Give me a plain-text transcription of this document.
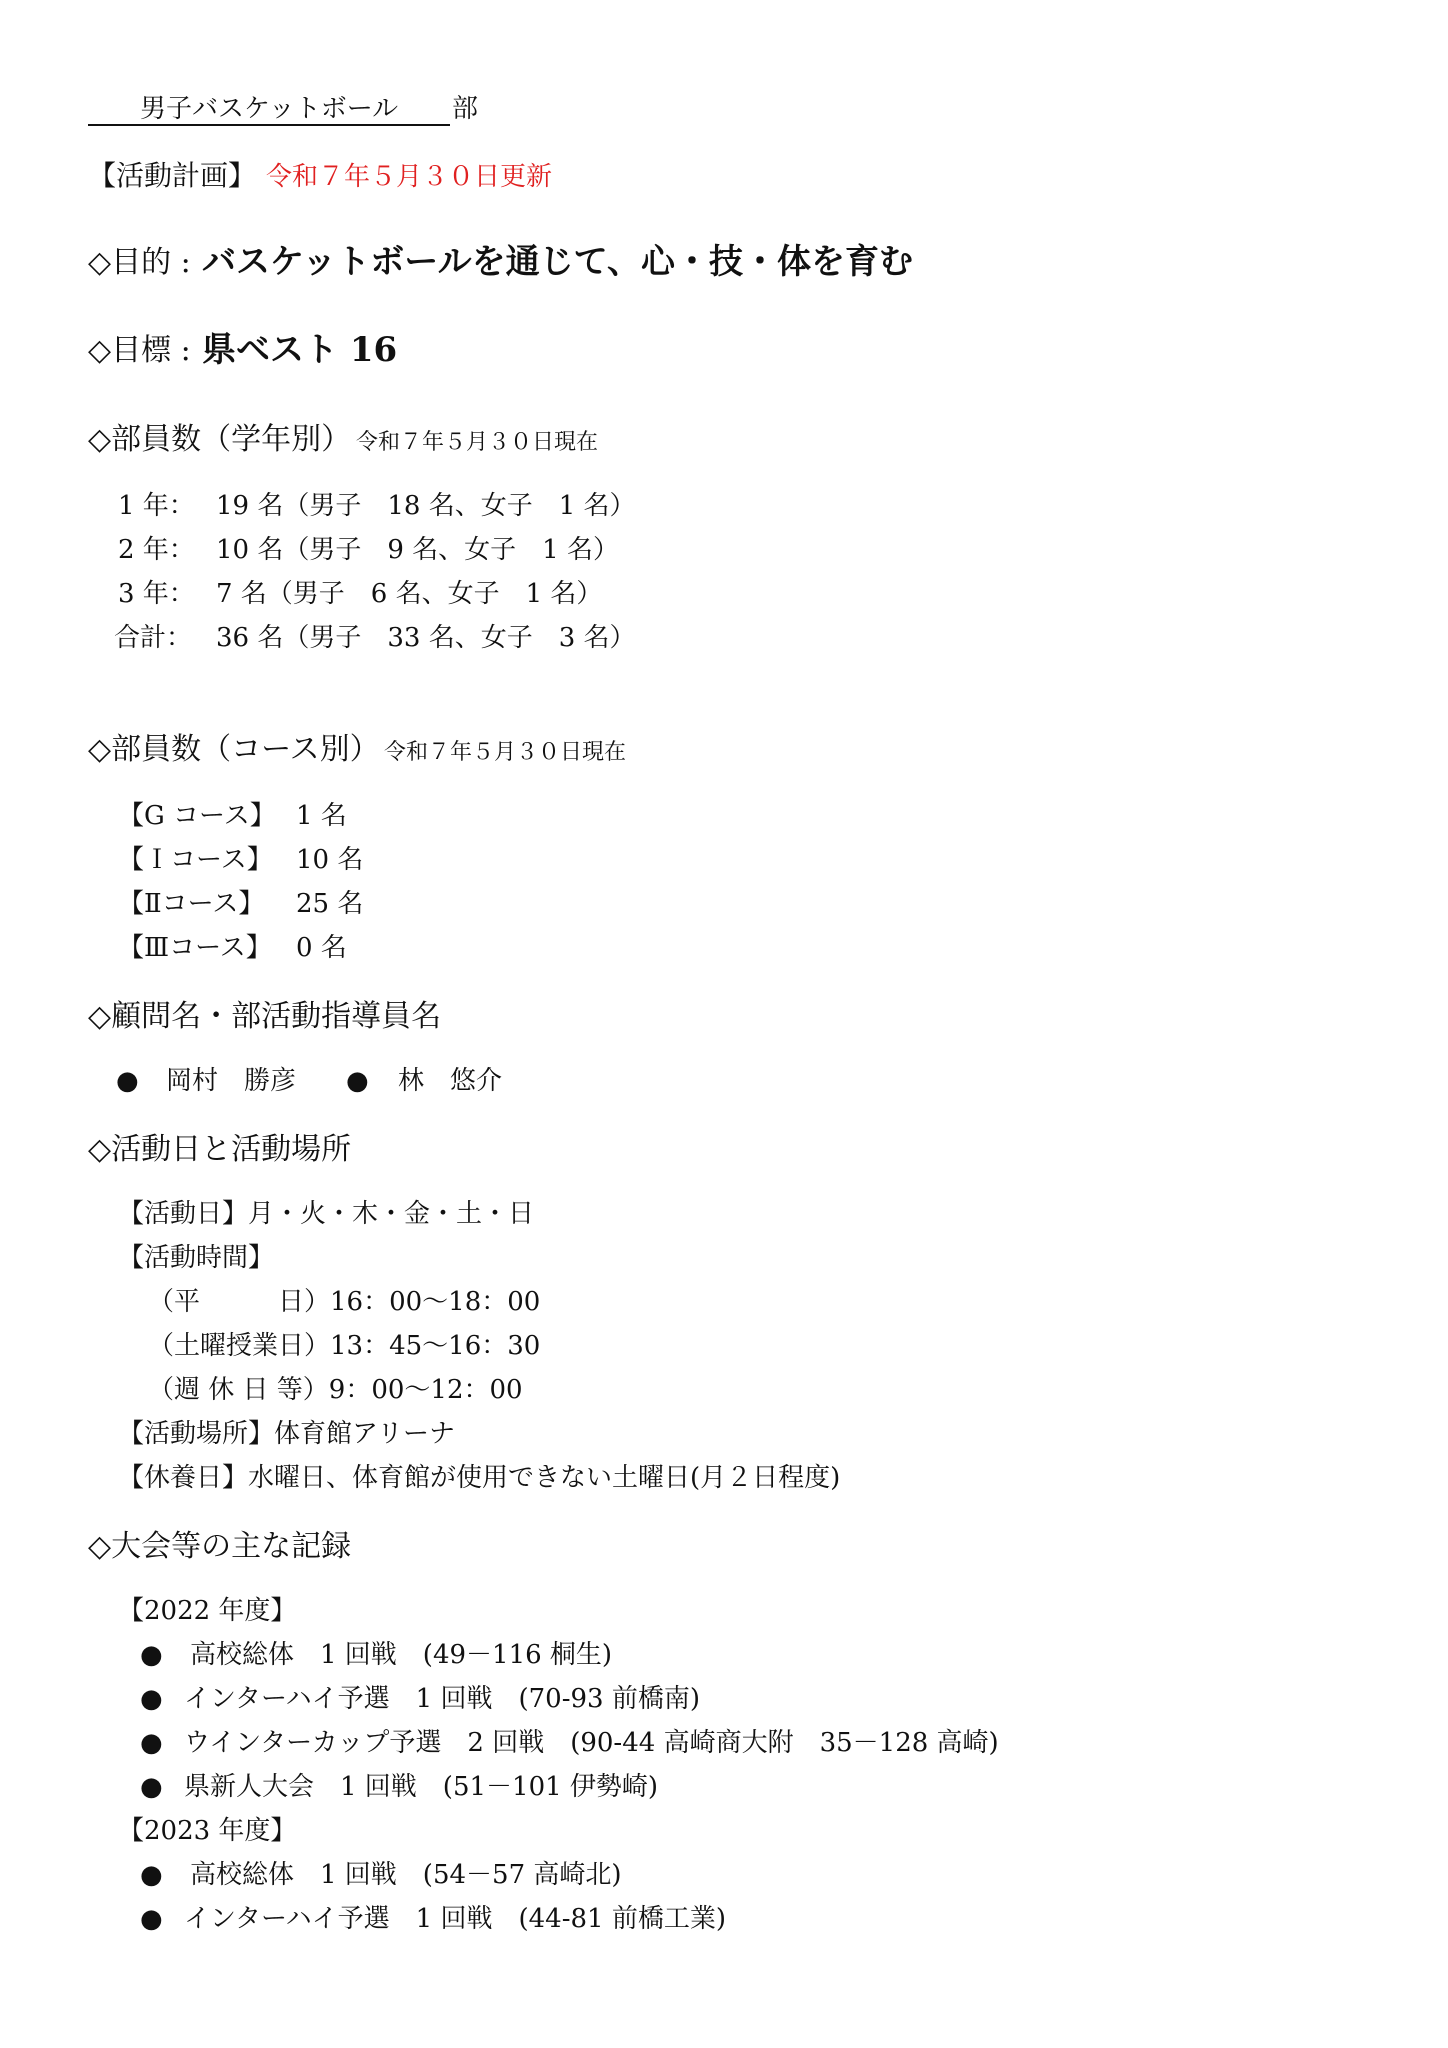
男子バスケットボール 部
【活動計画】 令和７年５月３０日更新
◇目的 : バスケットボールを通じて、心・技・体を育む
◇目標 : 県ベスト 16
◇部員数（学年別） 令和７年５月３０日現在
1 年： 19 名（男子　18 名、女子　1 名）
2 年： 10 名（男子　9 名、女子　1 名）
3 年： 7 名（男子　6 名、女子　1 名）
合計： 36 名（男子　33 名、女子　3 名）
◇部員数（コース別） 令和７年５月３０日現在
【G コース】 1 名
【Ｉコース】 10 名
【Ⅱコース】 25 名
【Ⅲコース】 0 名
◇顧問名・部活動指導員名
● 岡村　勝彦 ● 林　悠介
◇活動日と活動場所
【活動日】月・火・木・金・土・日
【活動時間】
（平　　　日）16：00～18：00
（土曜授業日）13：45～16：30
（週 休 日 等）9：00～12：00
【活動場所】体育館アリーナ
【休養日】水曜日、体育館が使用できない土曜日(月２日程度)
◇大会等の主な記録
【2022 年度】
● 高校総体　1 回戦　(49－116 桐生)
● インターハイ予選　1 回戦　(70-93 前橋南)
● ウインターカップ予選　2 回戦　(90-44 高崎商大附　35－128 高崎)
● 県新人大会　1 回戦　(51－101 伊勢崎)
【2023 年度】
● 高校総体　1 回戦　(54－57 高崎北)
● インターハイ予選　1 回戦　(44-81 前橋工業)
